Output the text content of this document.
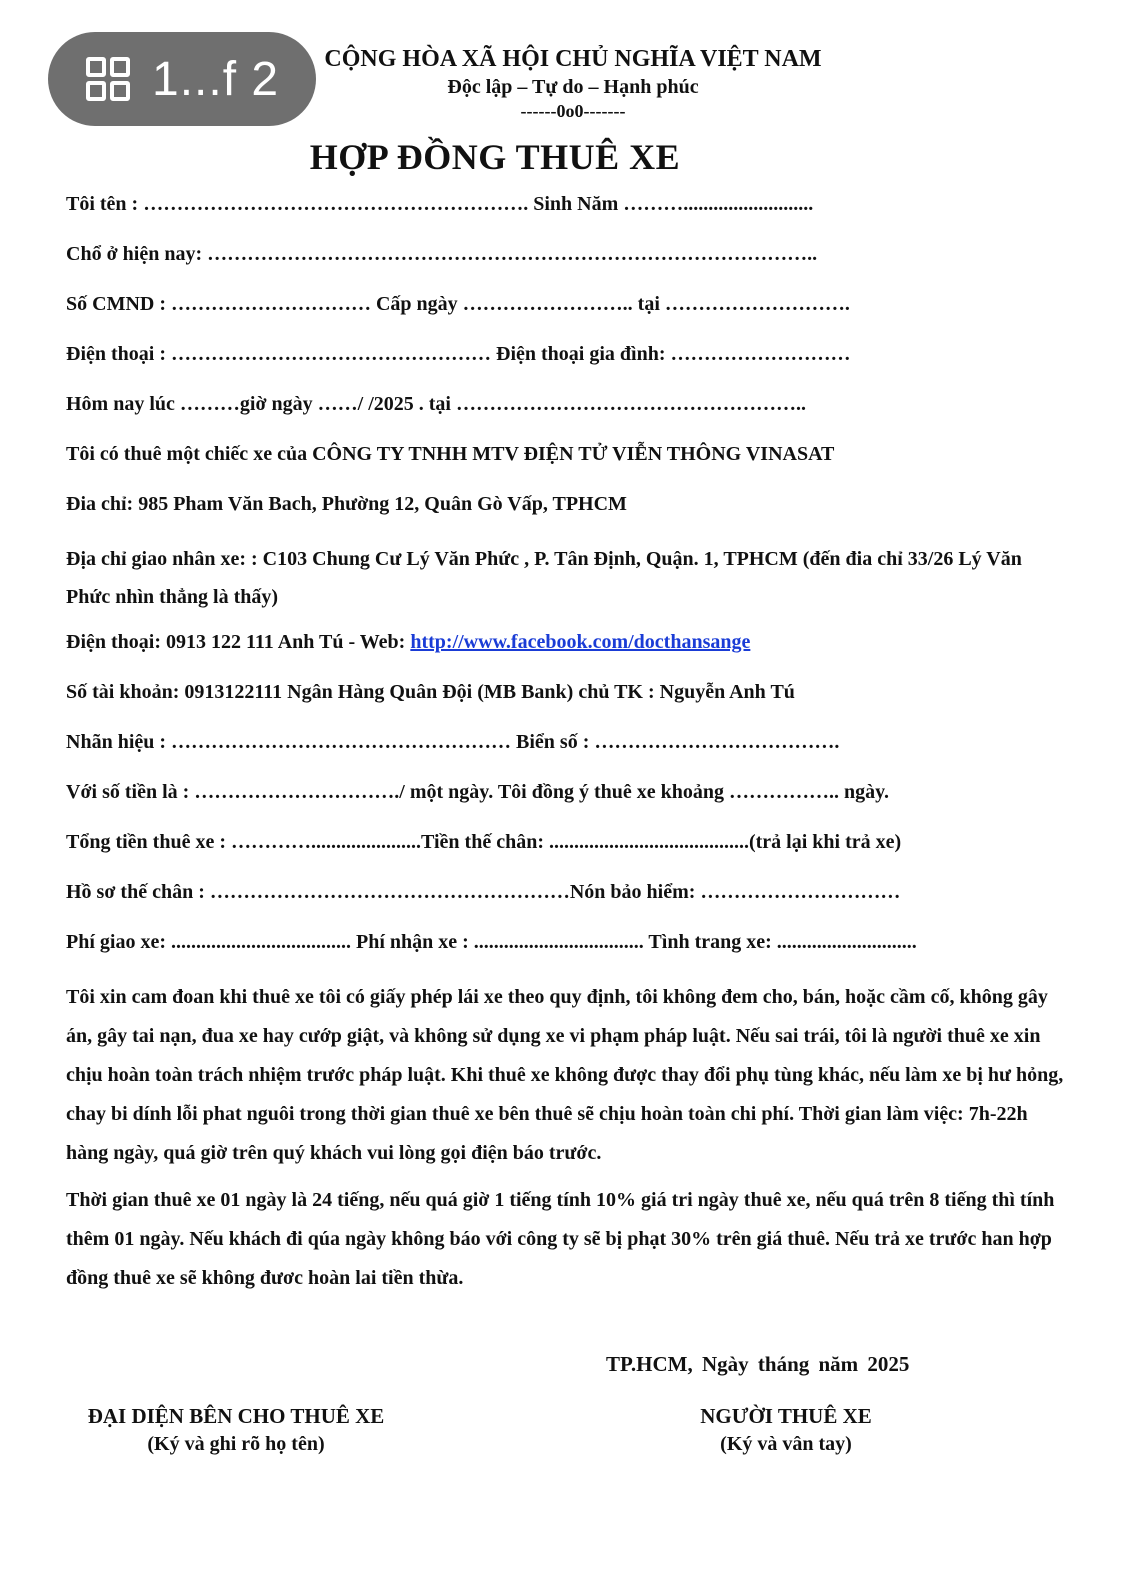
1...f 2	CỘNG HÒA XÃ HỘI CHỦ NGHĨA VIỆT NAM
Độc lập – Tự do – Hạnh phúc
------0o0-------
HỢP ĐỒNG THUÊ XE
Tôi tên : …………………………………………………. Sinh Năm ………..........................
Chổ ở hiện nay: ………………………………………………………………………………..
Số CMND : ………………………… Cấp ngày …………………….. tại ……………………….
Điện thoại : ………………………………………… Điện thoại gia đình: ………………………
Hôm nay lúc ………giờ ngày ……/ /2025 . tại ……………………………………………..
Tôi có thuê một chiếc xe của CÔNG TY TNHH MTV ĐIỆN TỬ VIỄN THÔNG VINASAT
Đia chỉ: 985 Pham Văn Bach, Phường 12, Quân Gò Vấp, TPHCM
Địa chỉ giao nhân xe: : C103 Chung Cư Lý Văn Phức , P. Tân Định, Quận. 1, TPHCM (đến đia chỉ 33/26 Lý Văn Phức nhìn thẳng là thấy)
Điện thoại: 0913 122 111 Anh Tú - Web: http://www.facebook.com/docthansange
Số tài khoản: 0913122111 Ngân Hàng Quân Đội (MB Bank) chủ TK : Nguyễn Anh Tú
Nhãn hiệu : …………………………………………… Biển số : ……………………………….
Với số tiền là : …………………………./ một ngày. Tôi đồng ý thuê xe khoảng …………….. ngày.
Tổng tiền thuê xe : …………......................Tiền thế chân: ........................................(trả lại khi trả xe)
Hồ sơ thế chân : ………………………………………………Nón bảo hiểm: …………………………
Phí giao xe: .................................... Phí nhận xe : .................................. Tình trang xe: ............................

Tôi xin cam đoan khi thuê xe tôi có giấy phép lái xe theo quy định, tôi không đem cho, bán, hoặc cầm cố, không gây án, gây tai nạn, đua xe hay cướp giật, và không sử dụng xe vi phạm pháp luật. Nếu sai trái, tôi là người thuê xe xin chịu hoàn toàn trách nhiệm trước pháp luật. Khi thuê xe không được thay đổi phụ tùng khác, nếu làm xe bị hư hỏng, chay bi dính lỗi phat nguôi trong thời gian thuê xe bên thuê sẽ chịu hoàn toàn chi phí. Thời gian làm việc: 7h-22h hàng ngày, quá giờ trên quý khách vui lòng gọi điện báo trước.

Thời gian thuê xe 01 ngày là 24 tiếng, nếu quá giờ 1 tiếng tính 10% giá tri ngày thuê xe, nếu quá trên 8 tiếng thì tính thêm 01 ngày. Nếu khách đi qúa ngày không báo với công ty sẽ bị phạt 30% trên giá thuê. Nếu trả xe trước han hợp đồng thuê xe sẽ không đươc hoàn lai tiền thừa.

TP.HCM, Ngày tháng năm 2025
ĐẠI DIỆN BÊN CHO THUÊ XE
(Ký và ghi rõ họ tên)
NGƯỜI THUÊ XE
(Ký và vân tay)
